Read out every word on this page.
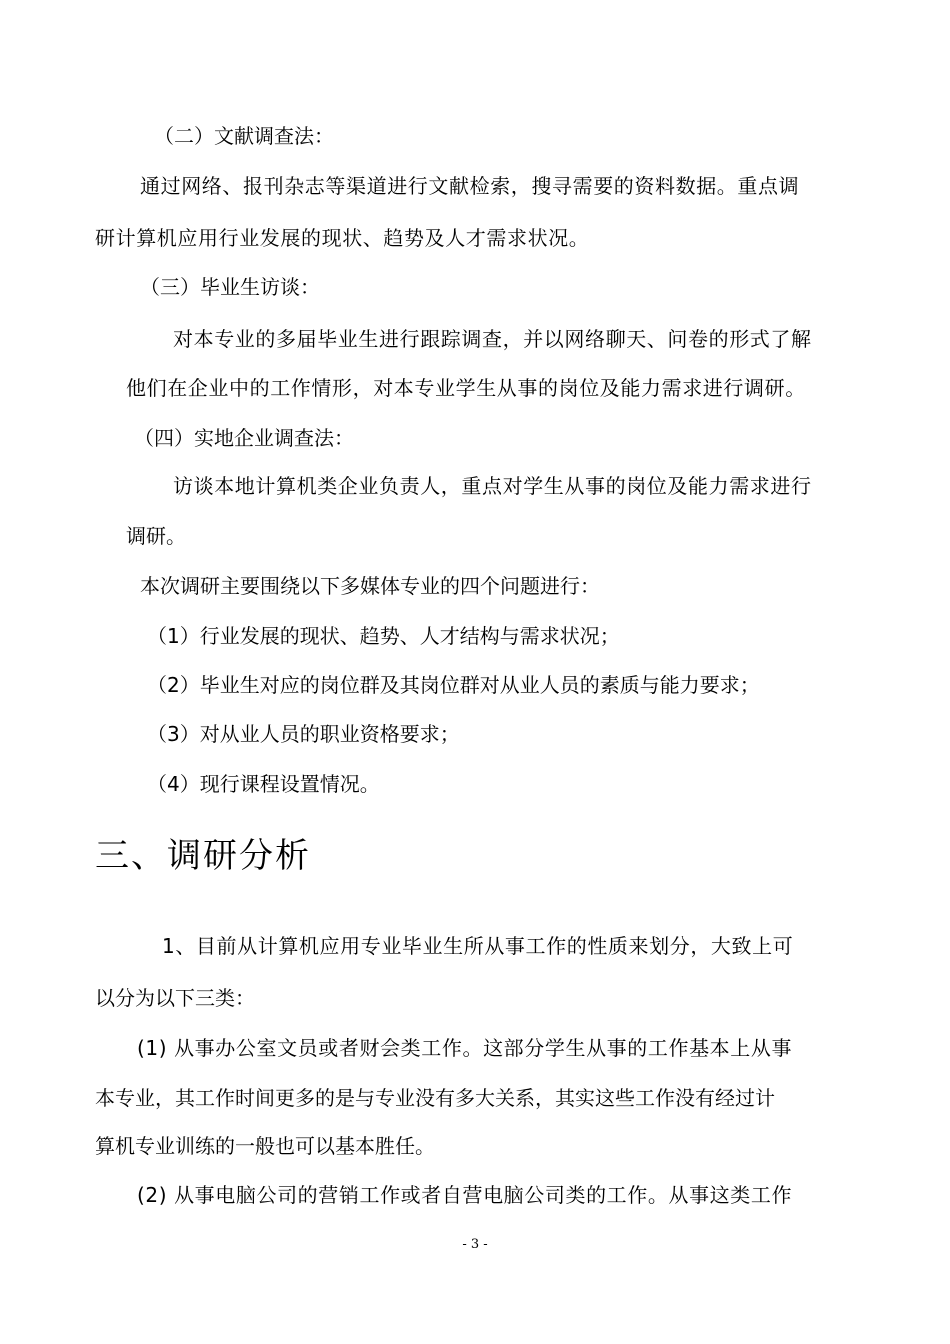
（二）文献调查法：
通过网络、报刊杂志等渠道进行文献检索，搜寻需要的资料数据。重点调
研计算机应用行业发展的现状、趋势及人才需求状况。
（三）毕业生访谈：
对本专业的多届毕业生进行跟踪调查，并以网络聊天、问卷的形式了解
他们在企业中的工作情形，对本专业学生从事的岗位及能力需求进行调研。
（四）实地企业调查法：
访谈本地计算机类企业负责人，重点对学生从事的岗位及能力需求进行
调研。
本次调研主要围绕以下多媒体专业的四个问题进行：
（1）行业发展的现状、趋势、人才结构与需求状况；
（2）毕业生对应的岗位群及其岗位群对从业人员的素质与能力要求；
（3）对从业人员的职业资格要求；
（4）现行课程设置情况。
三、调研分析
1、目前从计算机应用专业毕业生所从事工作的性质来划分，大致上可
以分为以下三类：
(1) 从事办公室文员或者财会类工作。这部分学生从事的工作基本上从事
本专业，其工作时间更多的是与专业没有多大关系，其实这些工作没有经过计
算机专业训练的一般也可以基本胜任。
(2) 从事电脑公司的营销工作或者自营电脑公司类的工作。从事这类工作
- 3 -
